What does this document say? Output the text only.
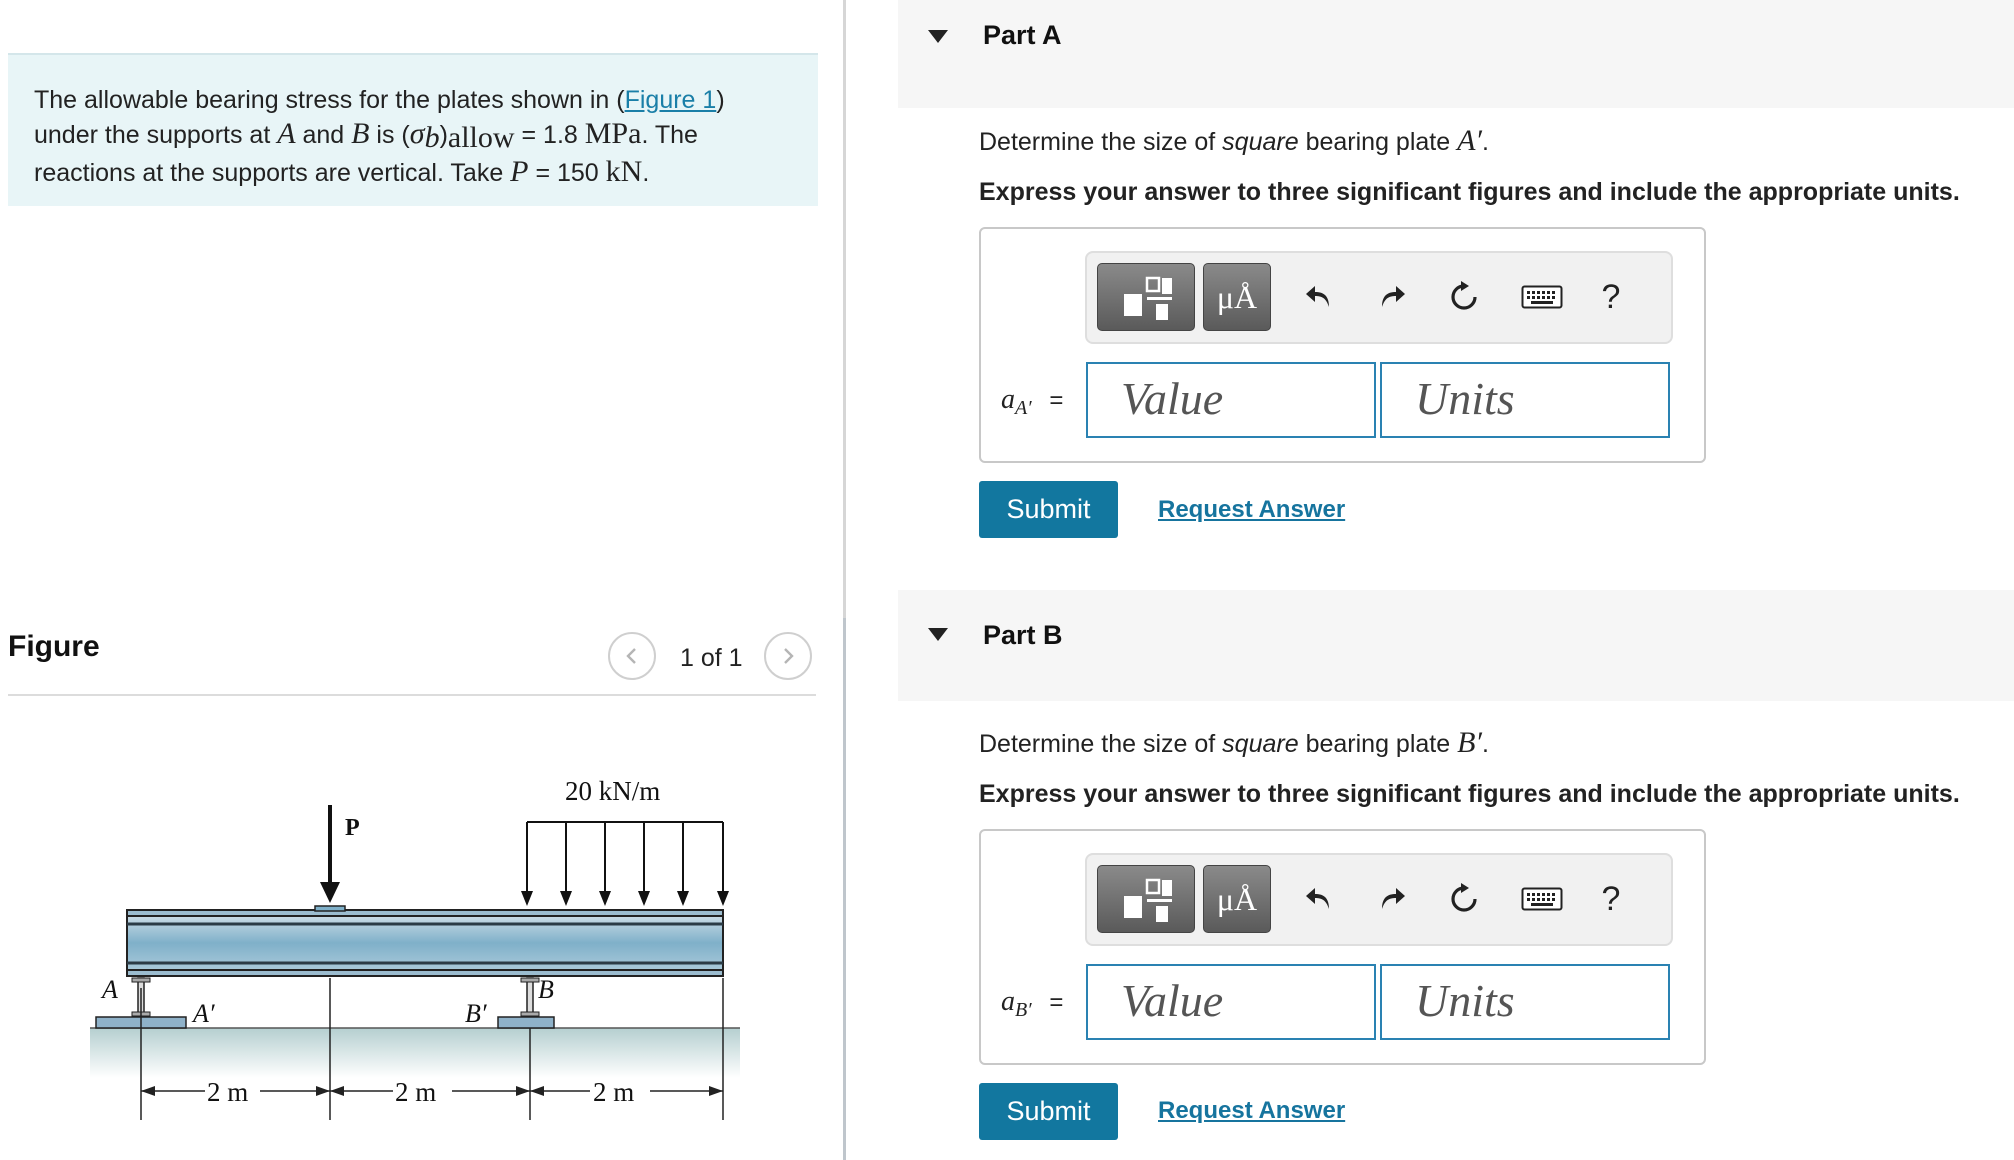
The allowable bearing stress for the plates shown in (Figure 1)
under the supports at A and B is $(\sigma_b)_{allow} = 1.8$ MPa. The
reactions at the supports are vertical. Take P = 150 kN.
Figure	1 of 1
P
20 kN/m
A
A′
B
B′
2 m	2 m	2 m
Part A
Determine the size of square bearing plate A′.
Express your answer to three significant figures and include the appropriate units.
μÅ	?
$a_{A'}$ =	Value	Units
Submit	Request Answer
Part B
Determine the size of square bearing plate B′.
Express your answer to three significant figures and include the appropriate units.
μÅ	?
$a_{B'}$ =	Value	Units
Submit	Request Answer
